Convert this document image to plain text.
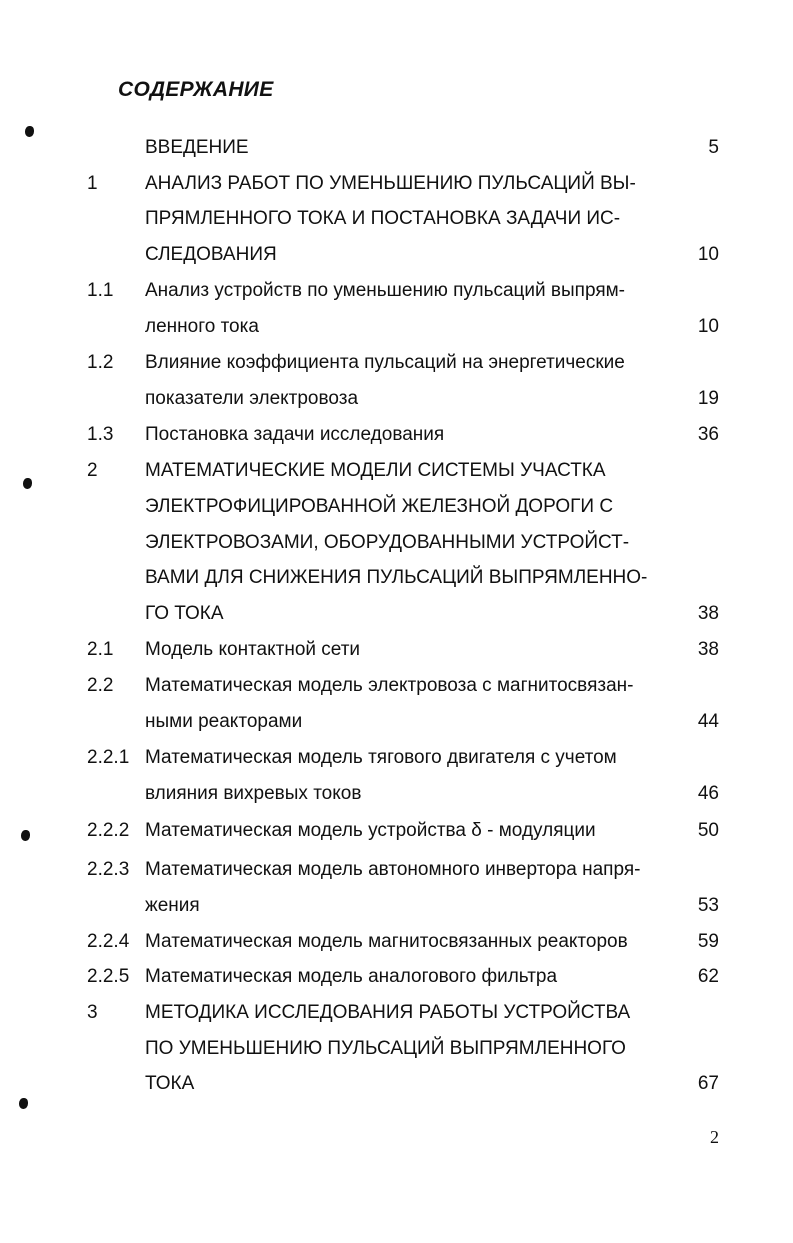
СОДЕРЖАНИЕ
ВВЕДЕНИЕ	5
1 АНАЛИЗ РАБОТ ПО УМЕНЬШЕНИЮ ПУЛЬСАЦИЙ ВЫ-
ПРЯМЛЕННОГО ТОКА И ПОСТАНОВКА ЗАДАЧИ ИС-
СЛЕДОВАНИЯ	10
1.1 Анализ устройств по уменьшению пульсаций выпрям-
ленного тока	10
1.2 Влияние коэффициента пульсаций на энергетические
показатели электровоза	19
1.3 Постановка задачи исследования	36
2 МАТЕМАТИЧЕСКИЕ МОДЕЛИ СИСТЕМЫ УЧАСТКА
ЭЛЕКТРОФИЦИРОВАННОЙ ЖЕЛЕЗНОЙ ДОРОГИ С
ЭЛЕКТРОВОЗАМИ, ОБОРУДОВАННЫМИ УСТРОЙСТ-
ВАМИ ДЛЯ СНИЖЕНИЯ ПУЛЬСАЦИЙ ВЫПРЯМЛЕННО-
ГО ТОКА	38
2.1 Модель контактной сети	38
2.2 Математическая модель электровоза с магнитосвязан-
ными реакторами	44
2.2.1 Математическая модель тягового двигателя с учетом
влияния вихревых токов	46
2.2.2 Математическая модель устройства δ - модуляции	50
2.2.3 Математическая модель автономного инвертора напря-
жения	53
2.2.4 Математическая модель магнитосвязанных реакторов	59
2.2.5 Математическая модель аналогового фильтра	62
3 МЕТОДИКА ИССЛЕДОВАНИЯ РАБОТЫ УСТРОЙСТВА
ПО УМЕНЬШЕНИЮ ПУЛЬСАЦИЙ ВЫПРЯМЛЕННОГО
ТОКА	67
2
